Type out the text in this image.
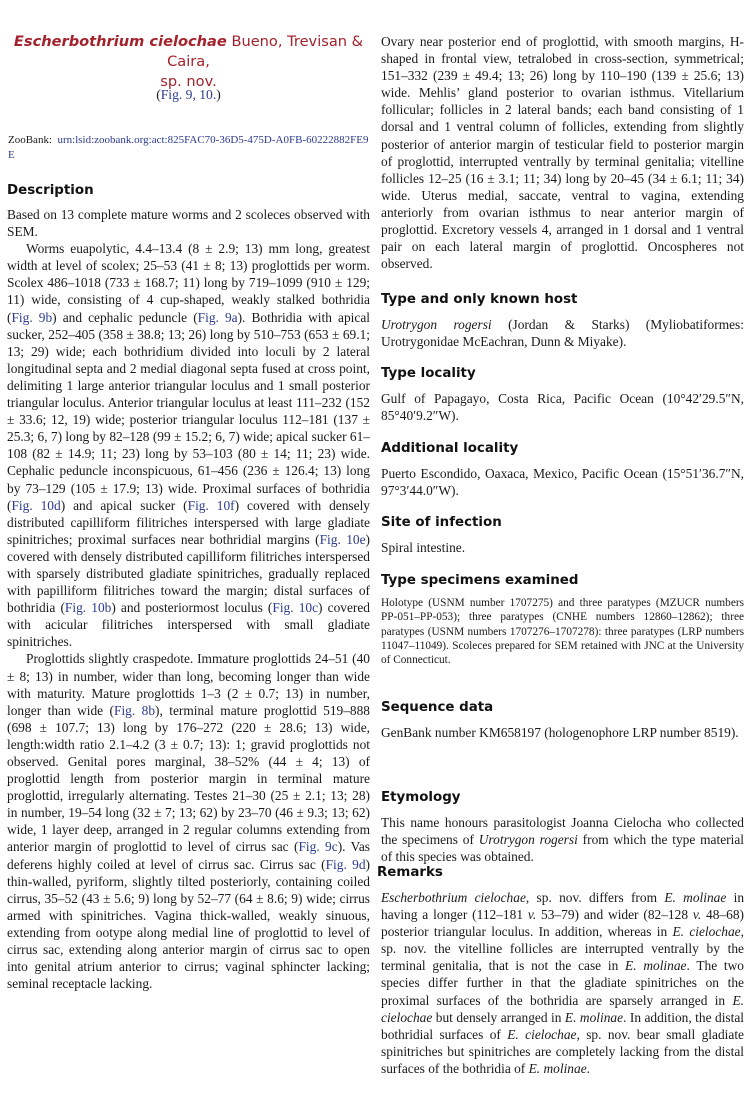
Escherbothrium cielochae Bueno, Trevisan & Caira,
sp. nov.
(Fig. 9, 10.)
ZooBank: urn:lsid:zoobank.org:act:825FAC70-36D5-475D-A0FB-60222882FE9E
Description

Based on 13 complete mature worms and 2 scoleces observed with SEM.

Worms euapolytic, 4.4–13.4 (8 ± 2.9; 13) mm long, greatest width at level of scolex; 25–53 (41 ± 8; 13) proglottids per worm. Scolex 486–1018 (733 ± 168.7; 11) long by 719–1099 (910 ± 129; 11) wide, consisting of 4 cup-shaped, weakly stalked bothridia (Fig. 9b) and cephalic peduncle (Fig. 9a). Bothridia with apical sucker, 252–405 (358 ± 38.8; 13; 26) long by 510–753 (653 ± 69.1; 13; 29) wide; each bothridium divided into loculi by 2 lateral longitudinal septa and 2 medial diagonal septa fused at cross point, delimiting 1 large anterior triangular loculus and 1 small posterior triangular loculus. Anterior triangular loculus at least 111–232 (152 ± 33.6; 12, 19) wide; posterior triangular loculus 112–181 (137 ± 25.3; 6, 7) long by 82–128 (99 ± 15.2; 6, 7) wide; apical sucker 61–108 (82 ± 14.9; 11; 23) long by 53–103 (80 ± 14; 11; 23) wide. Cephalic peduncle inconspicuous, 61–456 (236 ± 126.4; 13) long by 73–129 (105 ± 17.9; 13) wide. Proximal surfaces of bothridia (Fig. 10d) and apical sucker (Fig. 10f) covered with densely distributed capilliform filitriches interspersed with large gladiate spinitriches; proximal surfaces near bothridial margins (Fig. 10e) covered with densely distributed capilliform filitriches interspersed with sparsely distributed gladiate spinitriches, gradually replaced with papilliform filitriches toward the margin; distal surfaces of bothridia (Fig. 10b) and posteriormost loculus (Fig. 10c) covered with acicular filitriches interspersed with small gladiate spinitriches.

Proglottids slightly craspedote. Immature proglottids 24–51 (40 ± 8; 13) in number, wider than long, becoming longer than wide with maturity. Mature proglottids 1–3 (2 ± 0.7; 13) in number, longer than wide (Fig. 8b), terminal mature proglottid 519–888 (698 ± 107.7; 13) long by 176–272 (220 ± 28.6; 13) wide, length:width ratio 2.1–4.2 (3 ± 0.7; 13): 1; gravid proglottids not observed. Genital pores marginal, 38–52% (44 ± 4; 13) of proglottid length from posterior margin in terminal mature proglottid, irregularly alternating. Testes 21–30 (25 ± 2.1; 13; 28) in number, 19–54 long (32 ± 7; 13; 62) by 23–70 (46 ± 9.3; 13; 62) wide, 1 layer deep, arranged in 2 regular columns extending from anterior margin of proglottid to level of cirrus sac (Fig. 9c). Vas deferens highly coiled at level of cirrus sac. Cirrus sac (Fig. 9d) thin-walled, pyriform, slightly tilted posteriorly, containing coiled cirrus, 35–52 (43 ± 5.6; 9) long by 52–77 (64 ± 8.6; 9) wide; cirrus armed with spinitriches. Vagina thick-walled, weakly sinuous, extending from ootype along medial line of proglottid to level of cirrus sac, extending along anterior margin of cirrus sac to open into genital atrium anterior to cirrus; vaginal sphincter lacking; seminal receptacle lacking.

Ovary near posterior end of proglottid, with smooth margins, H-shaped in frontal view, tetralobed in cross-section, symmetrical; 151–332 (239 ± 49.4; 13; 26) long by 110–190 (139 ± 25.6; 13) wide. Mehlis’ gland posterior to ovarian isthmus. Vitellarium follicular; follicles in 2 lateral bands; each band consisting of 1 dorsal and 1 ventral column of follicles, extending from slightly posterior of anterior margin of testicular field to posterior margin of proglottid, interrupted ventrally by terminal genitalia; vitelline follicles 12–25 (16 ± 3.1; 11; 34) long by 20–45 (34 ± 6.1; 11; 34) wide. Uterus medial, saccate, ventral to vagina, extending anteriorly from ovarian isthmus to near anterior margin of proglottid. Excretory vessels 4, arranged in 1 dorsal and 1 ventral pair on each lateral margin of proglottid. Oncospheres not observed.

Type and only known host

Urotrygon rogersi (Jordan & Starks) (Myliobatiformes: Urotrygonidae McEachran, Dunn & Miyake).

Type locality

Gulf of Papagayo, Costa Rica, Pacific Ocean (10°42′29.5″N, 85°40′9.2″W).

Additional locality

Puerto Escondido, Oaxaca, Mexico, Pacific Ocean (15°51′36.7″N, 97°3′44.0″W).

Site of infection

Spiral intestine.

Type specimens examined

Holotype (USNM number 1707275) and three paratypes (MZUCR numbers PP-051–PP-053); three paratypes (CNHE numbers 12860–12862); three paratypes (USNM numbers 1707276–1707278): three paratypes (LRP numbers 11047–11049). Scoleces prepared for SEM retained with JNC at the University of Connecticut.

Sequence data

GenBank number KM658197 (hologenophore LRP number 8519).

Etymology

This name honours parasitologist Joanna Cielocha who collected the specimens of Urotrygon rogersi from which the type material of this species was obtained.

Remarks

Escherbothrium cielochae, sp. nov. differs from E. molinae in having a longer (112–181 v. 53–79) and wider (82–128 v. 48–68) posterior triangular loculus. In addition, whereas in E. cielochae, sp. nov. the vitelline follicles are interrupted ventrally by the terminal genitalia, that is not the case in E. molinae. The two species differ further in that the gladiate spinitriches on the proximal surfaces of the bothridia are sparsely arranged in E. cielochae but densely arranged in E. molinae. In addition, the distal bothridial surfaces of E. cielochae, sp. nov. bear small gladiate spinitriches but spinitriches are completely lacking from the distal surfaces of the bothridia of E. molinae.
